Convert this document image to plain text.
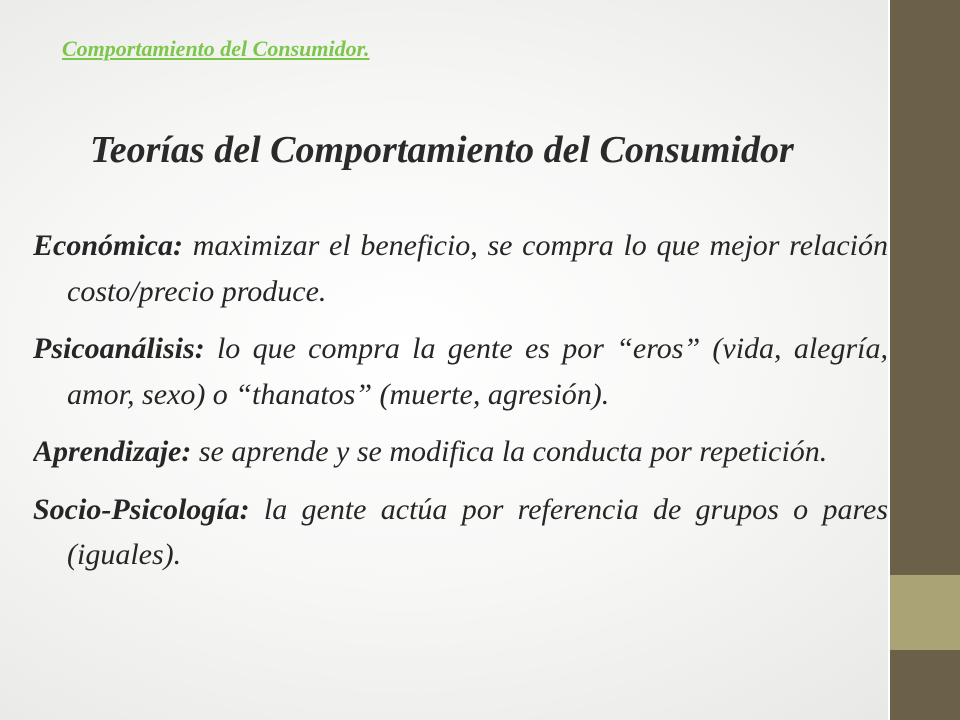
Comportamiento del Consumidor.

Teorías del Comportamiento del Consumidor

Económica: maximizar el beneficio, se compra lo que mejor relación costo/precio produce.

Psicoanálisis: lo que compra la gente es por “eros” (vida, alegría, amor, sexo) o “thanatos” (muerte, agresión).

Aprendizaje: se aprende y se modifica la conducta por repetición.

Socio-Psicología: la gente actúa por referencia de grupos o pares (iguales).
